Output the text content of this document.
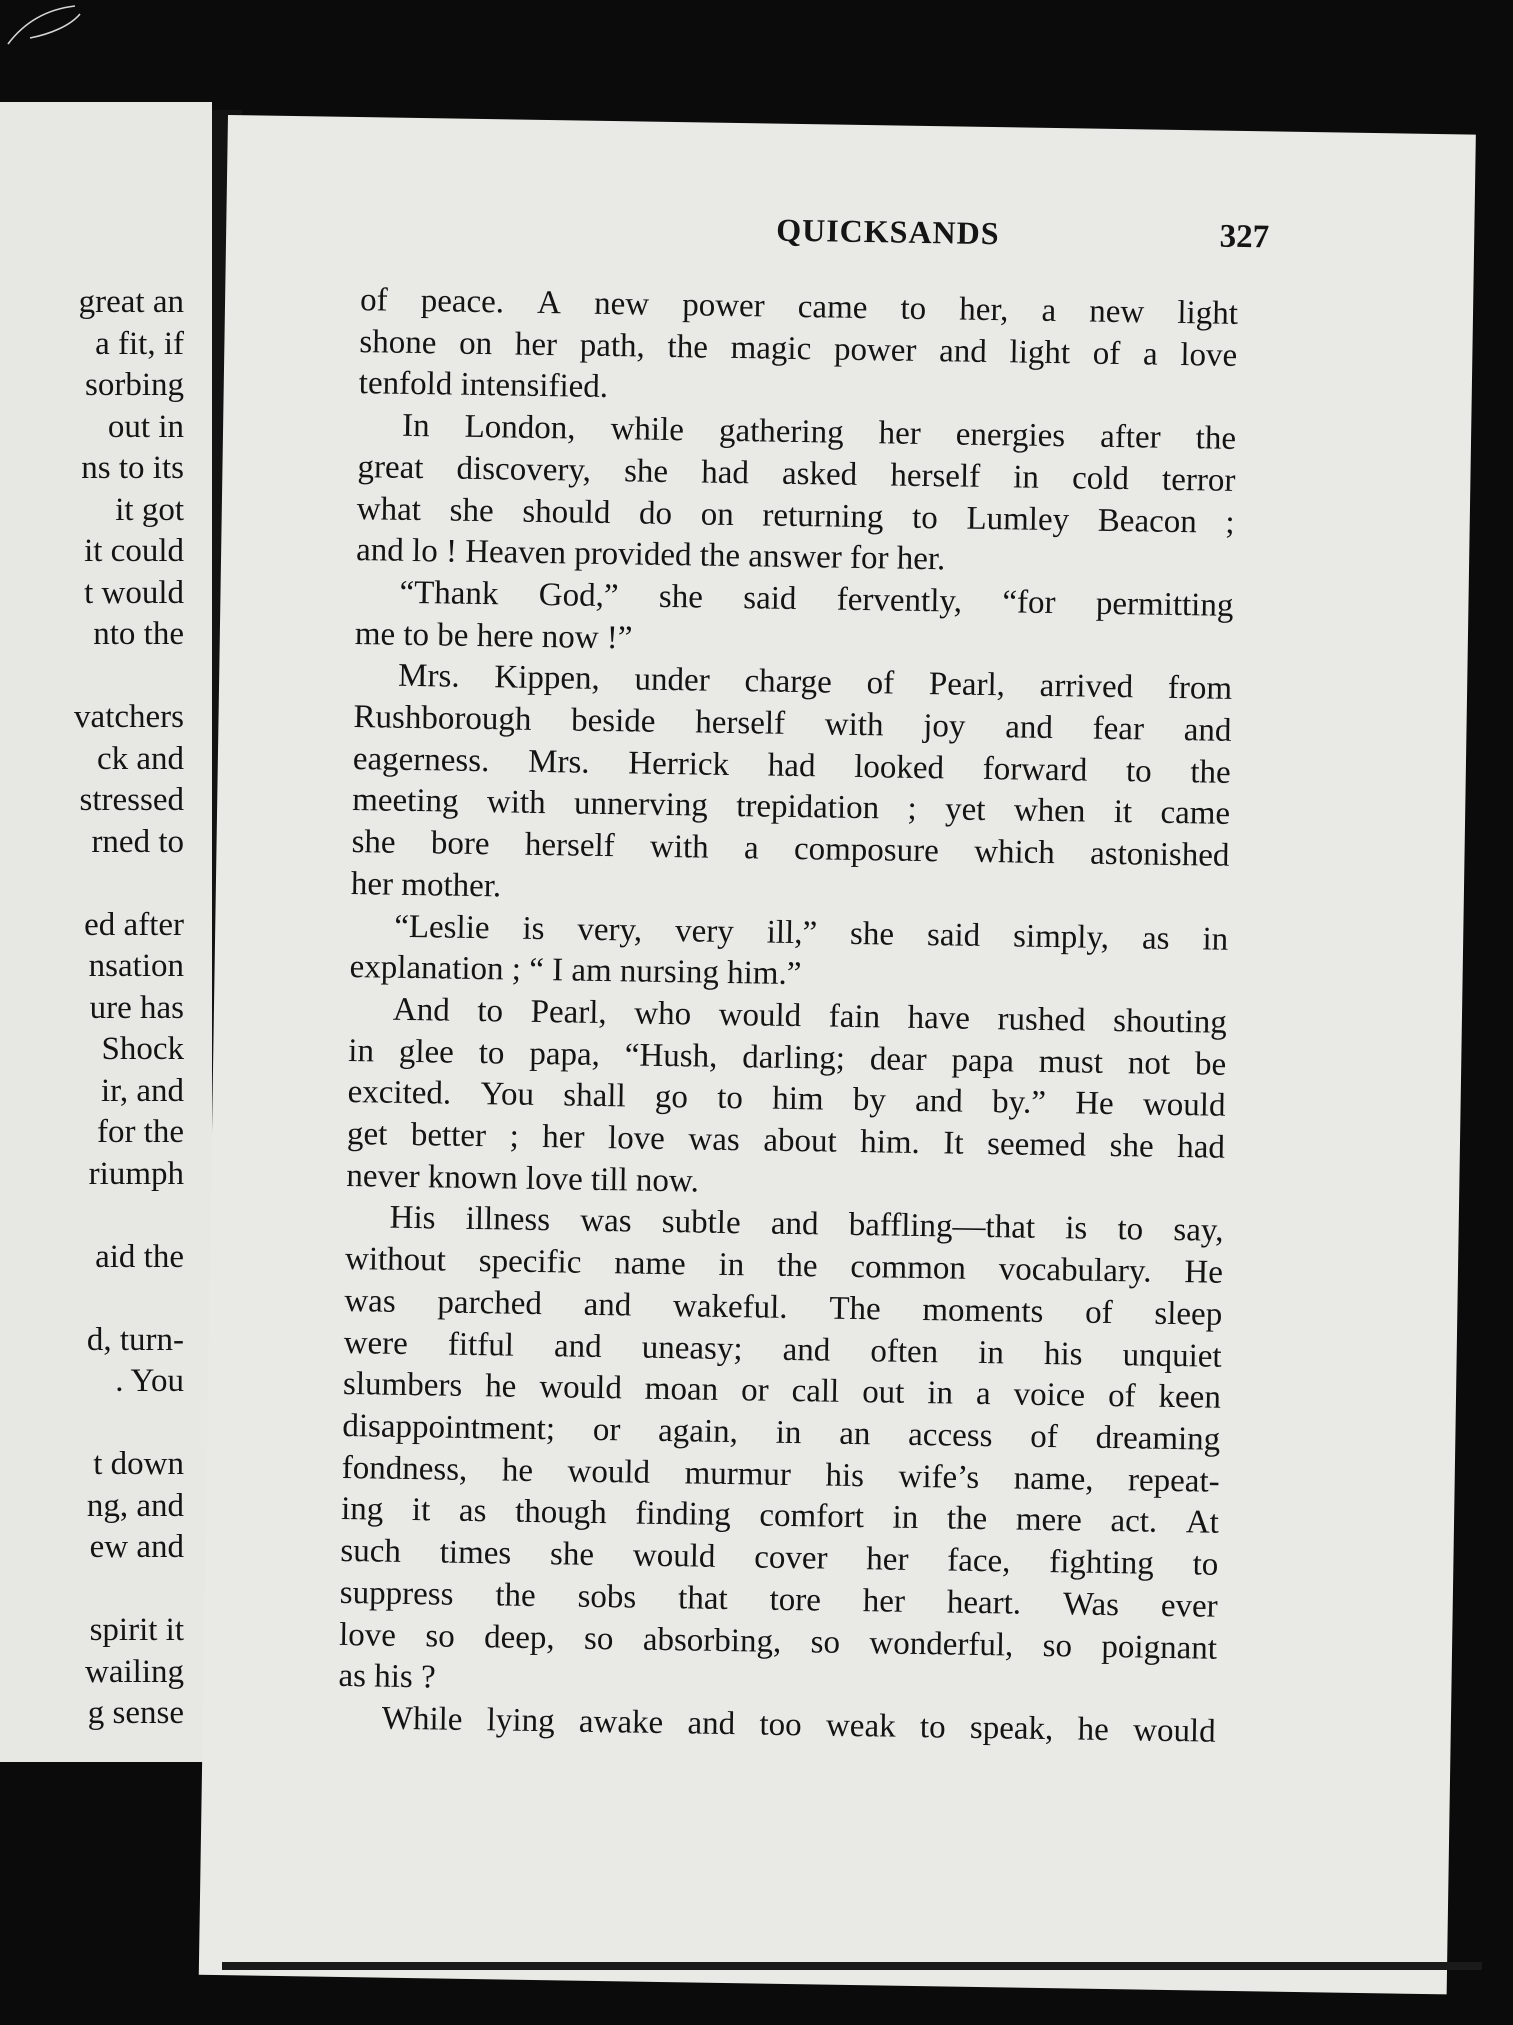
great an
a fit, if
sorbing
out in
ns to its
it got
it could
t would
nto the

vatchers
ck and
stressed
rned to

ed after
nsation
ure has
Shock
ir, and
for the
riumph

aid the

d, turn-
. You

t down
ng, and
ew and

spirit it
wailing
g sense
QUICKSANDS	327
of peace. A new power came to her, a new light
shone on her path, the magic power and light of a love
tenfold intensified.
In London, while gathering her energies after the
great discovery, she had asked herself in cold terror
what she should do on returning to Lumley Beacon ;
and lo ! Heaven provided the answer for her.
“Thank God,” she said fervently, “for permitting
me to be here now !”
Mrs. Kippen, under charge of Pearl, arrived from
Rushborough beside herself with joy and fear and
eagerness. Mrs. Herrick had looked forward to the
meeting with unnerving trepidation ; yet when it came
she bore herself with a composure which astonished
her mother.
“Leslie is very, very ill,” she said simply, as in
explanation ; “ I am nursing him.”
And to Pearl, who would fain have rushed shouting
in glee to papa, “Hush, darling; dear papa must not be
excited. You shall go to him by and by.” He would
get better ; her love was about him. It seemed she had
never known love till now.
His illness was subtle and baffling—that is to say,
without specific name in the common vocabulary. He
was parched and wakeful. The moments of sleep
were fitful and uneasy; and often in his unquiet
slumbers he would moan or call out in a voice of keen
disappointment; or again, in an access of dreaming
fondness, he would murmur his wife’s name, repeat-
ing it as though finding comfort in the mere act. At
such times she would cover her face, fighting to
suppress the sobs that tore her heart. Was ever
love so deep, so absorbing, so wonderful, so poignant
as his ?
While lying awake and too weak to speak, he would
